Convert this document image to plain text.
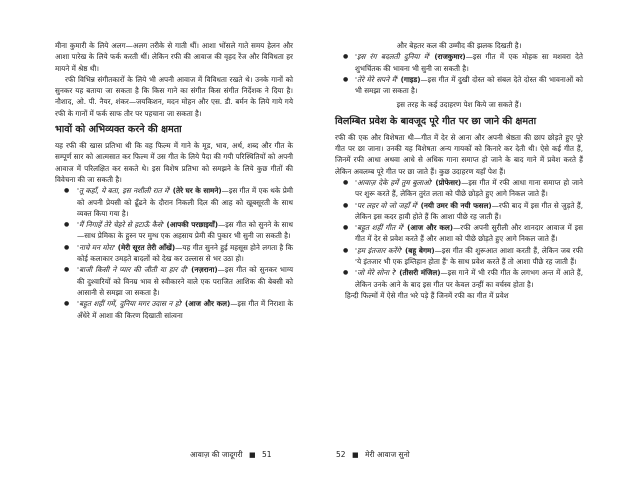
मीना कुमारी के लिये अलग—अलग तरीके से गाती थीं। आशा भोंसले गाते समय हेलन और आशा पारेख के लिये फर्क करती थीं। लेकिन रफी की आवाज की वृहद रेंज और विविधता हर मायने में श्रेष्ठ थी।

रफी विभिन्न संगीतकारों के लिये भी अपनी आवाज में विविधता रखते थे। उनके गानों को सुनकर यह बताया जा सकता है कि किस गाने का संगीत किस संगीत निर्देशक ने दिया है। नौशाद, ओ. पी. नैयर, शंकर—जयकिशन, मदन मोहन और एस. डी. बर्मन के लिये गाये गये रफी के गानों में फर्क साफ तौर पर पहचाना जा सकता है।

भावों को अभिव्यक्त करने की क्षमता

यह रफी की खास प्रतिभा थी कि वह फिल्म में गाने के मूड, भाव, अर्थ, शब्द और गीत के सम्पूर्ण सार को आत्मसात कर फिल्म में उस गीत के लिये पैदा की गयी परिस्थितियों को अपनी आवाज में परिलक्षित कर सकते थे। इस विशेष प्रतिभा को समझने के लिये कुछ गीतों की विवेचना की जा सकती है।

● 'तू कहाँ, ये बता, इस नशीली रात में' (तेरे घर के सामने)—इस गीत में एक थके प्रेमी को अपनी प्रेयसी को ढूँढने के दौरान निकली दिल की आह को खूबसूरती के साथ व्यक्त किया गया है।
● 'मैं निगाहें तेरे चेहरे से हटाऊँ कैसे' (आपकी परछाइयाँ)—इस गीत को सुनने के साथ—साथ प्रेमिका के हुस्न पर मुग्ध एक अहसाय प्रेमी की पुकार भी सुनी जा सकती है।
● 'नाचे मन मोरा' (मेरी सूरत तेरी आँखें)—यह गीत सुनने हुई महसूस होने लगता है कि कोई कलाकार उमड़ते बादलों को देख कर उल्लास से भर उठा हो।
● 'बाजी किसी ने प्यार की जीती या हार दी' (नज़राना)—इस गीत को सुनकर भाग्य की दुश्वारियों को विनम्र भाव से स्वीकारने वाले एक पराजित आशिक की बेबसी को आसानी से समझा जा सकता है।
● 'बहुत शहीं गमें, दुनिया मगर उदास न हो' (आज और कल)—इस गीत में निराशा के अँधेरे में आशा की किरण दिखाती सांत्वना
आवाज़ की जादूगरी ■ 51

और बेहतर कल की उम्मीद की झलक दिखती है।

● 'इस रंग बदलती दुनिया में' (राजकुमार)—इस गीत में एक मोहक सा मशवरा देते शुभचिंतक की भावना भी सुनी जा सकती है।
● 'तेरे मेरे सपने मैं' (गाइड)—इस गीत में दुखी दोस्त को संबल देते दोस्त की भावनाओं को भी समझा जा सकता है।

इस तरह के कई उदाहरण पेश किये जा सकते हैं।

विलम्बित प्रवेश के बावजूद पूरे गीत पर छा जाने की क्षमता

रफी की एक और विशेषता थी—गीत में देर से आना और अपनी श्रेष्ठता की छाप छोड़ते हुए पूरे गीत पर छा जाना। उनकी यह विशेषता अन्य गायकों को किनारे कर देती थी। ऐसे कई गीत हैं, जिनमें रफी आधा अथवा आधे से अधिक गाना समाप्त हो जाने के बाद गाने में प्रवेश करते हैं लेकिन अवलम्ब पूरे गीत पर छा जाते हैं। कुछ उदाहरण यहाँ पेश हैं।

● 'आवाज़ देके हमें तुम बुलाओ' (प्रोफेसर)—इस गीत में रफी आधा गाना समाप्त हो जाने पर शुरू करते हैं, लेकिन तुरंत लता को पीछे छोड़ते हुए आगे निकल जाते हैं।
● 'पर लहर वो जो जहाँ में' (नयी उमर की नयी फसल)—रफी बाद में इस गीत से जुड़ते हैं, लेकिन इस कदर हावी होते हैं कि आशा पीछे रह जाती हैं।
● 'बहुत शहीं गीत में' (आज और कल)—रफी अपनी सुरीली और शानदार आवाज में इस गीत में देर से प्रवेश करते हैं और आशा को पीछे छोड़ते हुए आगे निकल जाते हैं।
● 'हम इंतजार करेंगे' (बहू बेगम)—इस गीत की शुरूआत आशा करती हैं, लेकिन जब रफी 'ये इंतजार भी एक इम्तिहान होता हैं' के साथ प्रवेश करते हैं तो आशा पीछे रह जाती हैं।
● 'जो मेरे सोना रे' (तीसरी मंजिल)—इस गाने में भी रफी गीत के लगभग अन्त में आते हैं, लेकिन उनके आने के बाद इस गीत पर केवल उन्हीं का वर्चस्व होता है।

हिन्दी फिल्मों में ऐसे गीत भरे पड़े हैं जिनमें रफी का गीत में प्रवेश

52 ■ मेरी आवाज सुनो
